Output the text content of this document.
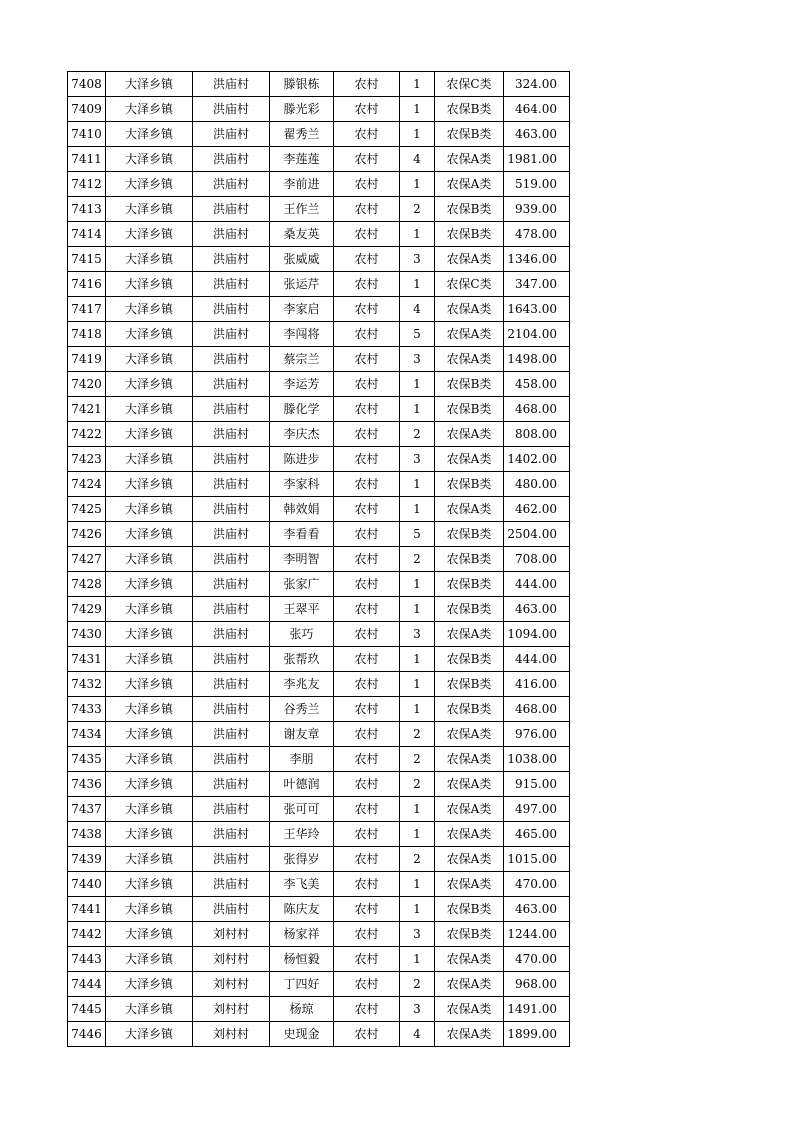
7408	大泽乡镇	洪庙村	滕银栋	农村	1	农保C类	324.00
7409	大泽乡镇	洪庙村	滕光彩	农村	1	农保B类	464.00
7410	大泽乡镇	洪庙村	翟秀兰	农村	1	农保B类	463.00
7411	大泽乡镇	洪庙村	李莲莲	农村	4	农保A类	1981.00
7412	大泽乡镇	洪庙村	李前进	农村	1	农保A类	519.00
7413	大泽乡镇	洪庙村	王作兰	农村	2	农保B类	939.00
7414	大泽乡镇	洪庙村	桑友英	农村	1	农保B类	478.00
7415	大泽乡镇	洪庙村	张威威	农村	3	农保A类	1346.00
7416	大泽乡镇	洪庙村	张运芹	农村	1	农保C类	347.00
7417	大泽乡镇	洪庙村	李家启	农村	4	农保A类	1643.00
7418	大泽乡镇	洪庙村	李闯将	农村	5	农保A类	2104.00
7419	大泽乡镇	洪庙村	蔡宗兰	农村	3	农保A类	1498.00
7420	大泽乡镇	洪庙村	李运芳	农村	1	农保B类	458.00
7421	大泽乡镇	洪庙村	滕化学	农村	1	农保B类	468.00
7422	大泽乡镇	洪庙村	李庆杰	农村	2	农保A类	808.00
7423	大泽乡镇	洪庙村	陈进步	农村	3	农保A类	1402.00
7424	大泽乡镇	洪庙村	李家科	农村	1	农保B类	480.00
7425	大泽乡镇	洪庙村	韩效娟	农村	1	农保A类	462.00
7426	大泽乡镇	洪庙村	李看看	农村	5	农保B类	2504.00
7427	大泽乡镇	洪庙村	李明智	农村	2	农保B类	708.00
7428	大泽乡镇	洪庙村	张家广	农村	1	农保B类	444.00
7429	大泽乡镇	洪庙村	王翠平	农村	1	农保B类	463.00
7430	大泽乡镇	洪庙村	张巧	农村	3	农保A类	1094.00
7431	大泽乡镇	洪庙村	张帮玖	农村	1	农保B类	444.00
7432	大泽乡镇	洪庙村	李兆友	农村	1	农保B类	416.00
7433	大泽乡镇	洪庙村	谷秀兰	农村	1	农保B类	468.00
7434	大泽乡镇	洪庙村	谢友章	农村	2	农保A类	976.00
7435	大泽乡镇	洪庙村	李朋	农村	2	农保A类	1038.00
7436	大泽乡镇	洪庙村	叶德润	农村	2	农保A类	915.00
7437	大泽乡镇	洪庙村	张可可	农村	1	农保A类	497.00
7438	大泽乡镇	洪庙村	王华玲	农村	1	农保A类	465.00
7439	大泽乡镇	洪庙村	张得岁	农村	2	农保A类	1015.00
7440	大泽乡镇	洪庙村	李飞美	农村	1	农保A类	470.00
7441	大泽乡镇	洪庙村	陈庆友	农村	1	农保B类	463.00
7442	大泽乡镇	刘村村	杨家祥	农村	3	农保B类	1244.00
7443	大泽乡镇	刘村村	杨恒毅	农村	1	农保A类	470.00
7444	大泽乡镇	刘村村	丁四好	农村	2	农保A类	968.00
7445	大泽乡镇	刘村村	杨琼	农村	3	农保A类	1491.00
7446	大泽乡镇	刘村村	史现金	农村	4	农保A类	1899.00
